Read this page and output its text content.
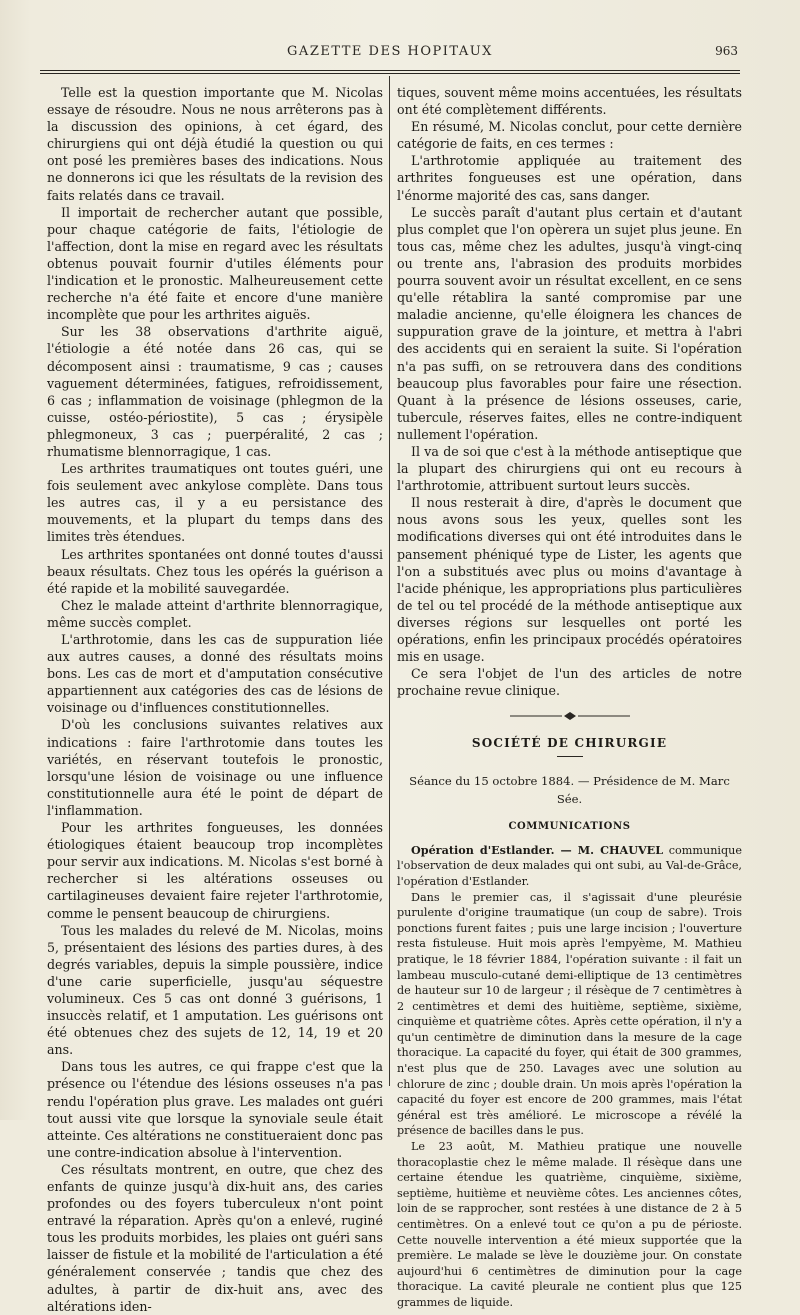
GAZETTE DES HOPITAUX	963

Telle est la question importante que M. Nicolas essaye de résoudre. Nous ne nous arrêterons pas à la discussion des opinions, à cet égard, des chirurgiens qui ont déjà étudié la question ou qui ont posé les premières bases des indications. Nous ne donnerons ici que les résultats de la revision des faits relatés dans ce travail.

Il importait de rechercher autant que possible, pour chaque catégorie de faits, l'étiologie de l'affection, dont la mise en regard avec les résultats obtenus pouvait fournir d'utiles éléments pour l'indication et le pronostic. Malheureusement cette recherche n'a été faite et encore d'une manière incomplète que pour les arthrites aiguës.

Sur les 38 observations d'arthrite aiguë, l'étiologie a été notée dans 26 cas, qui se décomposent ainsi : traumatisme, 9 cas ; causes vaguement déterminées, fatigues, refroidissement, 6 cas ; inflammation de voisinage (phlegmon de la cuisse, ostéo-périostite), 5 cas ; érysipèle phlegmoneux, 3 cas ; puerpéralité, 2 cas ; rhumatisme blennorragique, 1 cas.

Les arthrites traumatiques ont toutes guéri, une fois seulement avec ankylose complète. Dans tous les autres cas, il y a eu persistance des mouvements, et la plupart du temps dans des limites très étendues.

Les arthrites spontanées ont donné toutes d'aussi beaux résultats. Chez tous les opérés la guérison a été rapide et la mobilité sauvegardée.

Chez le malade atteint d'arthrite blennorragique, même succès complet.

L'arthrotomie, dans les cas de suppuration liée aux autres causes, a donné des résultats moins bons. Les cas de mort et d'amputation consécutive appartiennent aux catégories des cas de lésions de voisinage ou d'influences constitutionnelles.

D'où les conclusions suivantes relatives aux indications : faire l'arthrotomie dans toutes les variétés, en réservant toutefois le pronostic, lorsqu'une lésion de voisinage ou une influence constitutionnelle aura été le point de départ de l'inflammation.

Pour les arthrites fongueuses, les données étiologiques étaient beaucoup trop incomplètes pour servir aux indications. M. Nicolas s'est borné à rechercher si les altérations osseuses ou cartilagineuses devaient faire rejeter l'arthrotomie, comme le pensent beaucoup de chirurgiens.

Tous les malades du relevé de M. Nicolas, moins 5, présentaient des lésions des parties dures, à des degrés variables, depuis la simple poussière, indice d'une carie superficielle, jusqu'au séquestre volumineux. Ces 5 cas ont donné 3 guérisons, 1 insuccès relatif, et 1 amputation. Les guérisons ont été obtenues chez des sujets de 12, 14, 19 et 20 ans.

Dans tous les autres, ce qui frappe c'est que la présence ou l'étendue des lésions osseuses n'a pas rendu l'opération plus grave. Les malades ont guéri tout aussi vite que lorsque la synoviale seule était atteinte. Ces altérations ne constitueraient donc pas une contre-indication absolue à l'intervention.

Ces résultats montrent, en outre, que chez des enfants de quinze jusqu'à dix-huit ans, des caries profondes ou des foyers tuberculeux n'ont point entravé la réparation. Après qu'on a enlevé, ruginé tous les produits morbides, les plaies ont guéri sans laisser de fistule et la mobilité de l'articulation a été généralement conservée ; tandis que chez des adultes, à partir de dix-huit ans, avec des altérations iden-

tiques, souvent même moins accentuées, les résultats ont été complètement différents.

En résumé, M. Nicolas conclut, pour cette dernière catégorie de faits, en ces termes :

L'arthrotomie appliquée au traitement des arthrites fongueuses est une opération, dans l'énorme majorité des cas, sans danger.

Le succès paraît d'autant plus certain et d'autant plus complet que l'on opèrera un sujet plus jeune. En tous cas, même chez les adultes, jusqu'à vingt-cinq ou trente ans, l'abrasion des produits morbides pourra souvent avoir un résultat excellent, en ce sens qu'elle rétablira la santé compromise par une maladie ancienne, qu'elle éloignera les chances de suppuration grave de la jointure, et mettra à l'abri des accidents qui en seraient la suite. Si l'opération n'a pas suffi, on se retrouvera dans des conditions beaucoup plus favorables pour faire une résection. Quant à la présence de lésions osseuses, carie, tubercule, réserves faites, elles ne contre-indiquent nullement l'opération.

Il va de soi que c'est à la méthode antiseptique que la plupart des chirurgiens qui ont eu recours à l'arthrotomie, attribuent surtout leurs succès.

Il nous resterait à dire, d'après le document que nous avons sous les yeux, quelles sont les modifications diverses qui ont été introduites dans le pansement phéniqué type de Lister, les agents que l'on a substitués avec plus ou moins d'avantage à l'acide phénique, les appropriations plus particulières de tel ou tel procédé de la méthode antiseptique aux diverses régions sur lesquelles ont porté les opérations, enfin les principaux procédés opératoires mis en usage.

Ce sera l'objet de l'un des articles de notre prochaine revue clinique.

SOCIÉTÉ DE CHIRURGIE

Séance du 15 octobre 1884. — Présidence de M. Marc Sée.

COMMUNICATIONS

Opération d'Estlander. — M. CHAUVEL communique l'observation de deux malades qui ont subi, au Val-de-Grâce, l'opération d'Estlander.

Dans le premier cas, il s'agissait d'une pleurésie purulente d'origine traumatique (un coup de sabre). Trois ponctions furent faites ; puis une large incision ; l'ouverture resta fistuleuse. Huit mois après l'empyème, M. Mathieu pratique, le 18 février 1884, l'opération suivante : il fait un lambeau musculo-cutané demi-elliptique de 13 centimètres de hauteur sur 10 de largeur ; il résèque de 7 centimètres à 2 centimètres et demi des huitième, septième, sixième, cinquième et quatrième côtes. Après cette opération, il n'y a qu'un centimètre de diminution dans la mesure de la cage thoracique. La capacité du foyer, qui était de 300 grammes, n'est plus que de 250. Lavages avec une solution au chlorure de zinc ; double drain. Un mois après l'opération la capacité du foyer est encore de 200 grammes, mais l'état général est très amélioré. Le microscope a révélé la présence de bacilles dans le pus.

Le 23 août, M. Mathieu pratique une nouvelle thoracoplastie chez le même malade. Il résèque dans une certaine étendue les quatrième, cinquième, sixième, septième, huitième et neuvième côtes. Les anciennes côtes, loin de se rapprocher, sont restées à une distance de 2 à 5 centimètres. On a enlevé tout ce qu'on a pu de périoste. Cette nouvelle intervention a été mieux supportée que la première. Le malade se lève le douzième jour. On constate aujourd'hui 6 centimètres de diminution pour la cage thoracique. La cavité pleurale ne contient plus que 125 grammes de liquide.
